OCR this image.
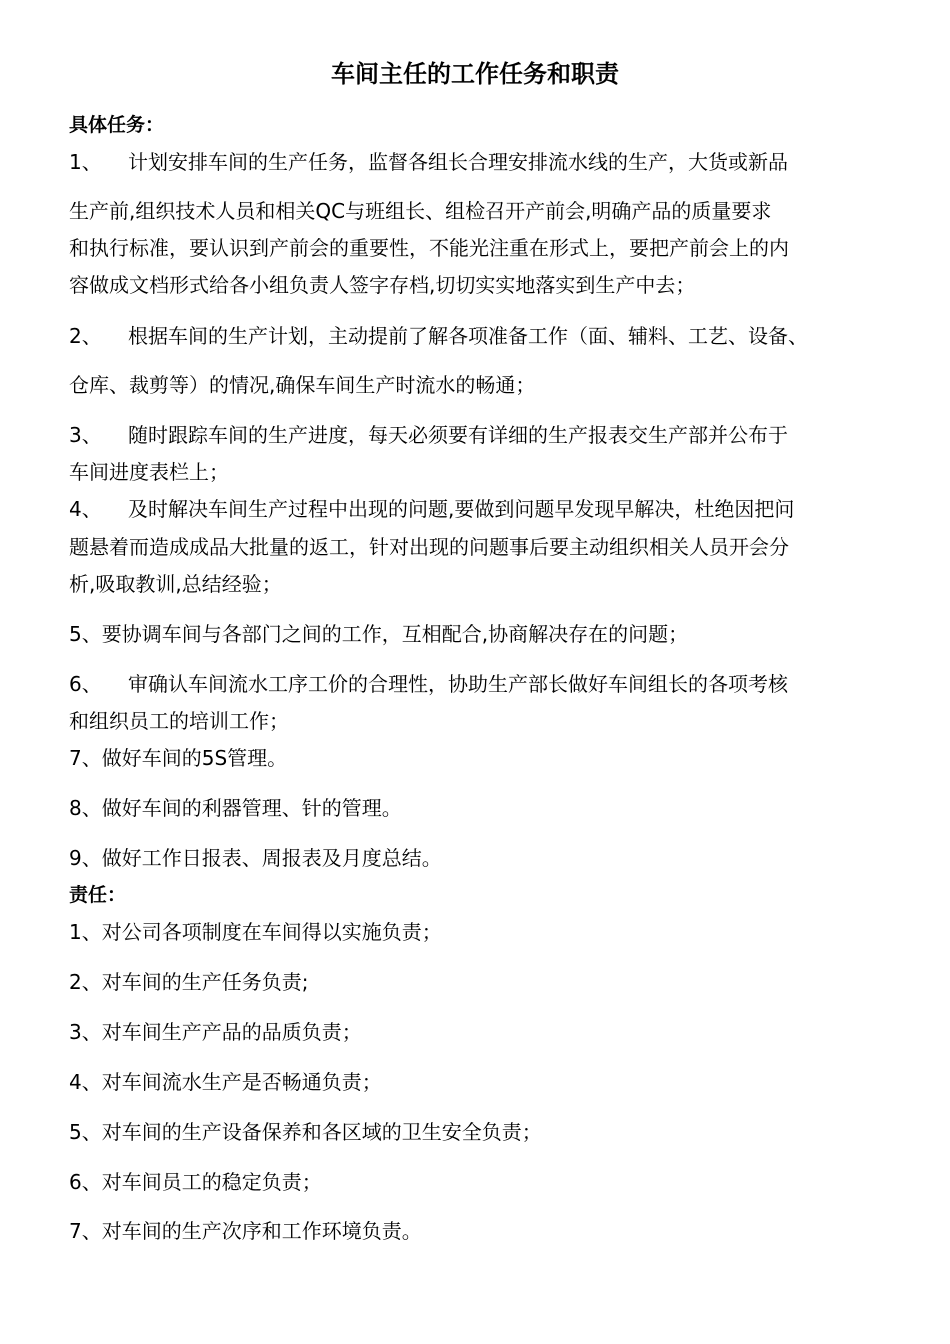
车间主任的工作任务和职责

具体任务：

1、 计划安排车间的生产任务，监督各组长合理安排流水线的生产，大货或新品

生产前,组织技术人员和相关QC与班组长、组检召开产前会,明确产品的质量要求

和执行标准，要认识到产前会的重要性，不能光注重在形式上，要把产前会上的内

容做成文档形式给各小组负责人签字存档,切切实实地落实到生产中去；

2、 根据车间的生产计划，主动提前了解各项准备工作（面、辅料、工艺、设备、

仓库、裁剪等）的情况,确保车间生产时流水的畅通；

3、 随时跟踪车间的生产进度，每天必须要有详细的生产报表交生产部并公布于

车间进度表栏上；

4、 及时解决车间生产过程中出现的问题,要做到问题早发现早解决，杜绝因把问

题悬着而造成成品大批量的返工，针对出现的问题事后要主动组织相关人员开会分

析,吸取教训,总结经验；

5、要协调车间与各部门之间的工作，互相配合,协商解决存在的问题；

6、 审确认车间流水工序工价的合理性，协助生产部长做好车间组长的各项考核

和组织员工的培训工作；

7、做好车间的5S管理。

8、做好车间的利器管理、针的管理。

9、做好工作日报表、周报表及月度总结。

责任：

1、对公司各项制度在车间得以实施负责；

2、对车间的生产任务负责;

3、对车间生产产品的品质负责；

4、对车间流水生产是否畅通负责；

5、对车间的生产设备保养和各区域的卫生安全负责；

6、对车间员工的稳定负责；

7、对车间的生产次序和工作环境负责。
